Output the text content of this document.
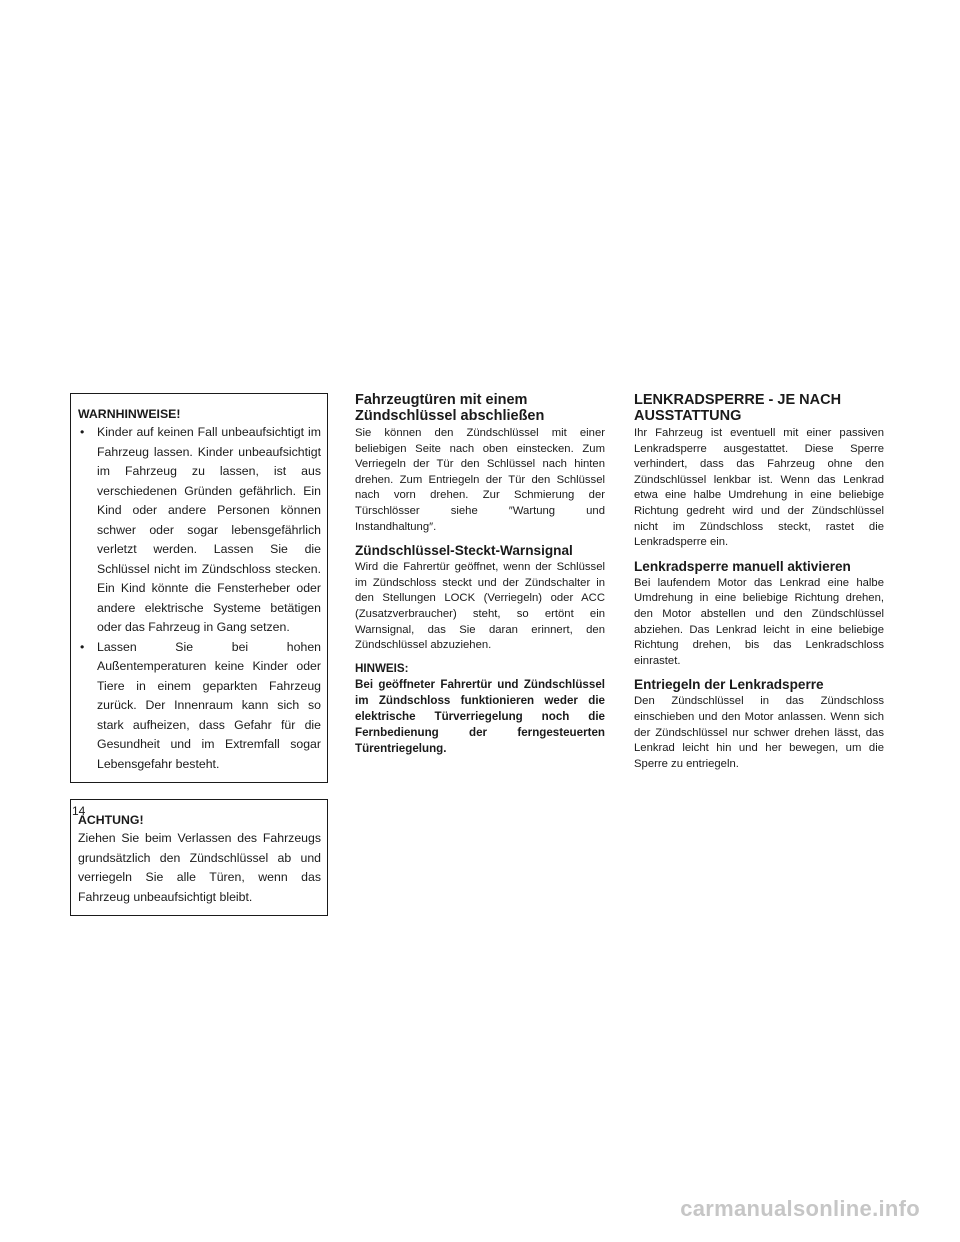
WARNHINWEISE!
• Kinder auf keinen Fall unbeaufsichtigt im Fahrzeug lassen. Kinder unbeaufsichtigt im Fahrzeug zu lassen, ist aus verschiedenen Gründen gefährlich. Ein Kind oder andere Personen können schwer oder sogar lebensgefährlich verletzt werden. Lassen Sie die Schlüssel nicht im Zündschloss stecken. Ein Kind könnte die Fensterheber oder andere elektrische Systeme betätigen oder das Fahrzeug in Gang setzen.
• Lassen Sie bei hohen Außentemperaturen keine Kinder oder Tiere in einem geparkten Fahrzeug zurück. Der Innenraum kann sich so stark aufheizen, dass Gefahr für die Gesundheit und im Extremfall sogar Lebensgefahr besteht.
ACHTUNG!

Ziehen Sie beim Verlassen des Fahrzeugs grundsätzlich den Zündschlüssel ab und verriegeln Sie alle Türen, wenn das Fahrzeug unbeaufsichtigt bleibt.

Fahrzeugtüren mit einem Zündschlüssel abschließen

Sie können den Zündschlüssel mit einer beliebigen Seite nach oben einstecken. Zum Verriegeln der Tür den Schlüssel nach hinten drehen. Zum Entriegeln der Tür den Schlüssel nach vorn drehen. Zur Schmierung der Türschlösser siehe ″Wartung und Instandhaltung″.

Zündschlüssel-Steckt-Warnsignal

Wird die Fahrertür geöffnet, wenn der Schlüssel im Zündschloss steckt und der Zündschalter in den Stellungen LOCK (Verriegeln) oder ACC (Zusatzverbraucher) steht, so ertönt ein Warnsignal, das Sie daran erinnert, den Zündschlüssel abzuziehen.

HINWEIS:

Bei geöffneter Fahrertür und Zündschlüssel im Zündschloss funktionieren weder die elektrische Türverriegelung noch die Fernbedienung der ferngesteuerten Türentriegelung.

LENKRADSPERRE - JE NACH AUSSTATTUNG

Ihr Fahrzeug ist eventuell mit einer passiven Lenkradsperre ausgestattet. Diese Sperre verhindert, dass das Fahrzeug ohne den Zündschlüssel lenkbar ist. Wenn das Lenkrad etwa eine halbe Umdrehung in eine beliebige Richtung gedreht wird und der Zündschlüssel nicht im Zündschloss steckt, rastet die Lenkradsperre ein.

Lenkradsperre manuell aktivieren

Bei laufendem Motor das Lenkrad eine halbe Umdrehung in eine beliebige Richtung drehen, den Motor abstellen und den Zündschlüssel abziehen. Das Lenkrad leicht in eine beliebige Richtung drehen, bis das Lenkradschloss einrastet.

Entriegeln der Lenkradsperre

Den Zündschlüssel in das Zündschloss einschieben und den Motor anlassen. Wenn sich der Zündschlüssel nur schwer drehen lässt, das Lenkrad leicht hin und her bewegen, um die Sperre zu entriegeln.

14
carmanualsonline.info
